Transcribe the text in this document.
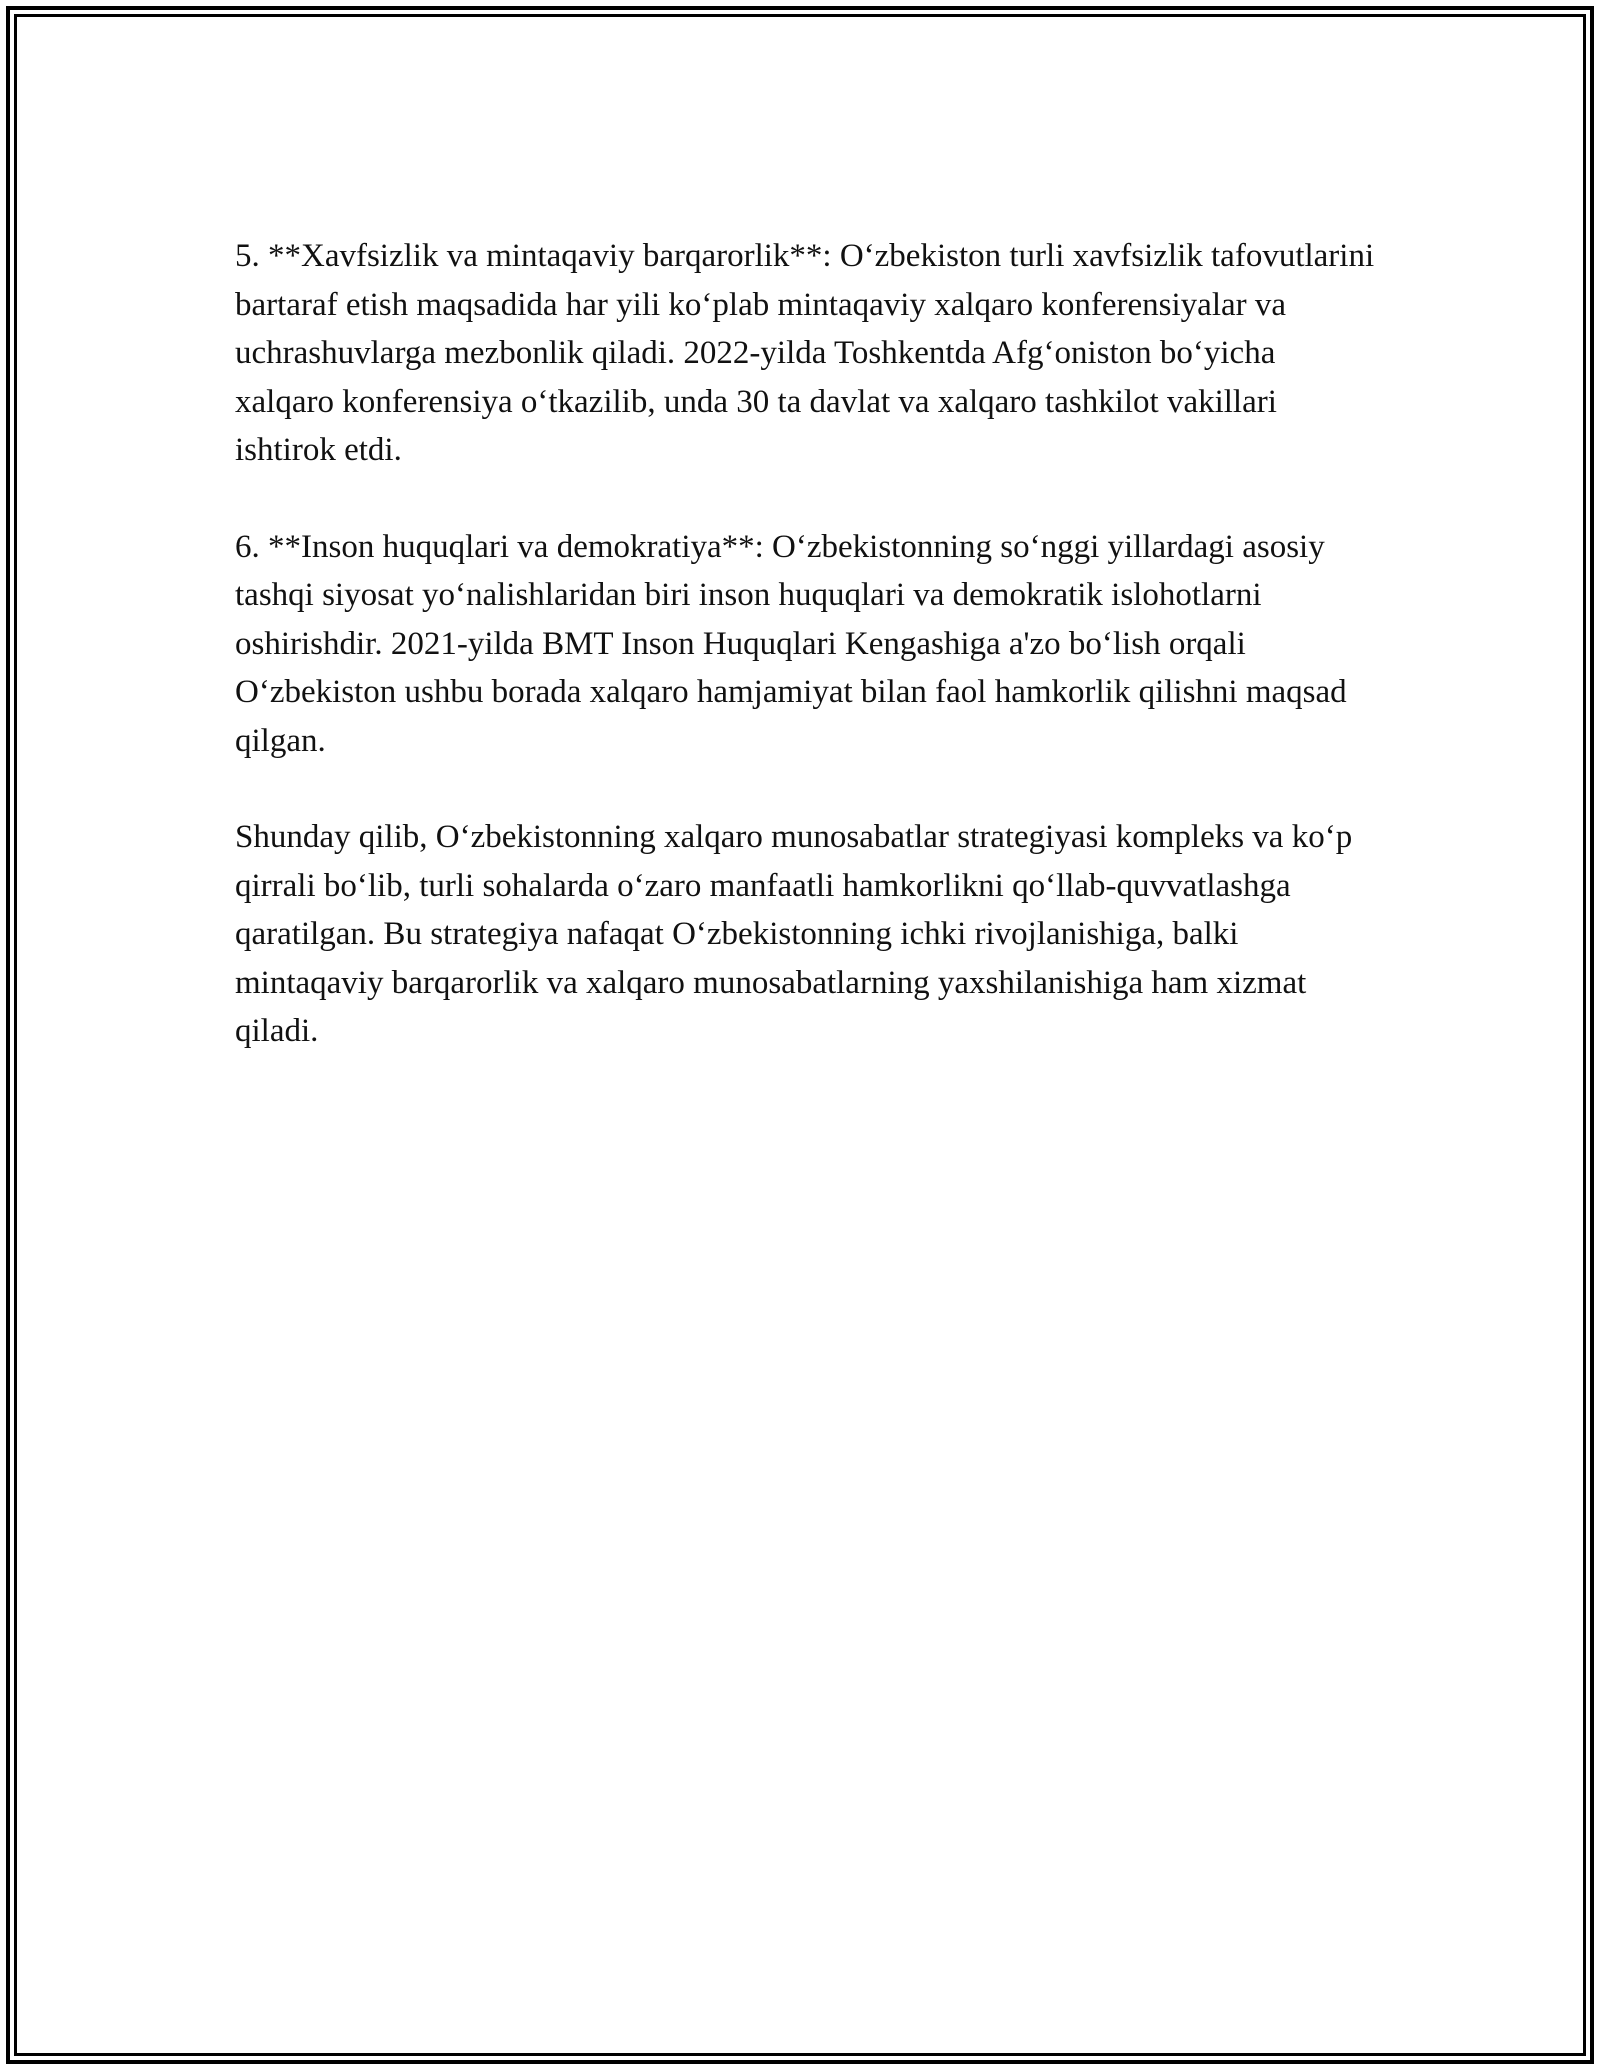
5. **Xavfsizlik va mintaqaviy barqarorlik**: O‘zbekiston turli xavfsizlik tafovutlarini bartaraf etish maqsadida har yili ko‘plab mintaqaviy xalqaro konferensiyalar va uchrashuvlarga mezbonlik qiladi. 2022-yilda Toshkentda Afg‘oniston bo‘yicha xalqaro konferensiya o‘tkazilib, unda 30 ta davlat va xalqaro tashkilot vakillari ishtirok etdi.

6. **Inson huquqlari va demokratiya**: O‘zbekistonning so‘nggi yillardagi asosiy tashqi siyosat yo‘nalishlaridan biri inson huquqlari va demokratik islohotlarni oshirishdir. 2021-yilda BMT Inson Huquqlari Kengashiga a'zo bo‘lish orqali O‘zbekiston ushbu borada xalqaro hamjamiyat bilan faol hamkorlik qilishni maqsad qilgan.

Shunday qilib, O‘zbekistonning xalqaro munosabatlar strategiyasi kompleks va ko‘p qirrali bo‘lib, turli sohalarda o‘zaro manfaatli hamkorlikni qo‘llab-quvvatlashga qaratilgan. Bu strategiya nafaqat O‘zbekistonning ichki rivojlanishiga, balki mintaqaviy barqarorlik va xalqaro munosabatlarning yaxshilanishiga ham xizmat qiladi.
